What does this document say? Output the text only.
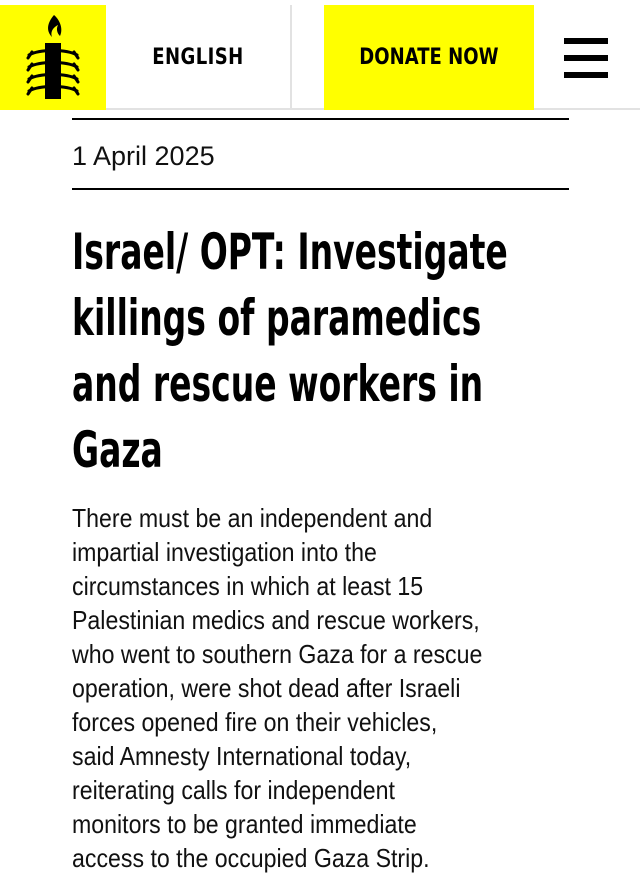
ENGLISH	DONATE NOW
1 April 2025
Israel/ OPT: Investigate
killings of paramedics
and rescue workers in
Gaza

There must be an independent and

impartial investigation into the

circumstances in which at least 15

Palestinian medics and rescue workers,

who went to southern Gaza for a rescue

operation, were shot dead after Israeli

forces opened fire on their vehicles,

said Amnesty International today,

reiterating calls for independent

monitors to be granted immediate

access to the occupied Gaza Strip.
